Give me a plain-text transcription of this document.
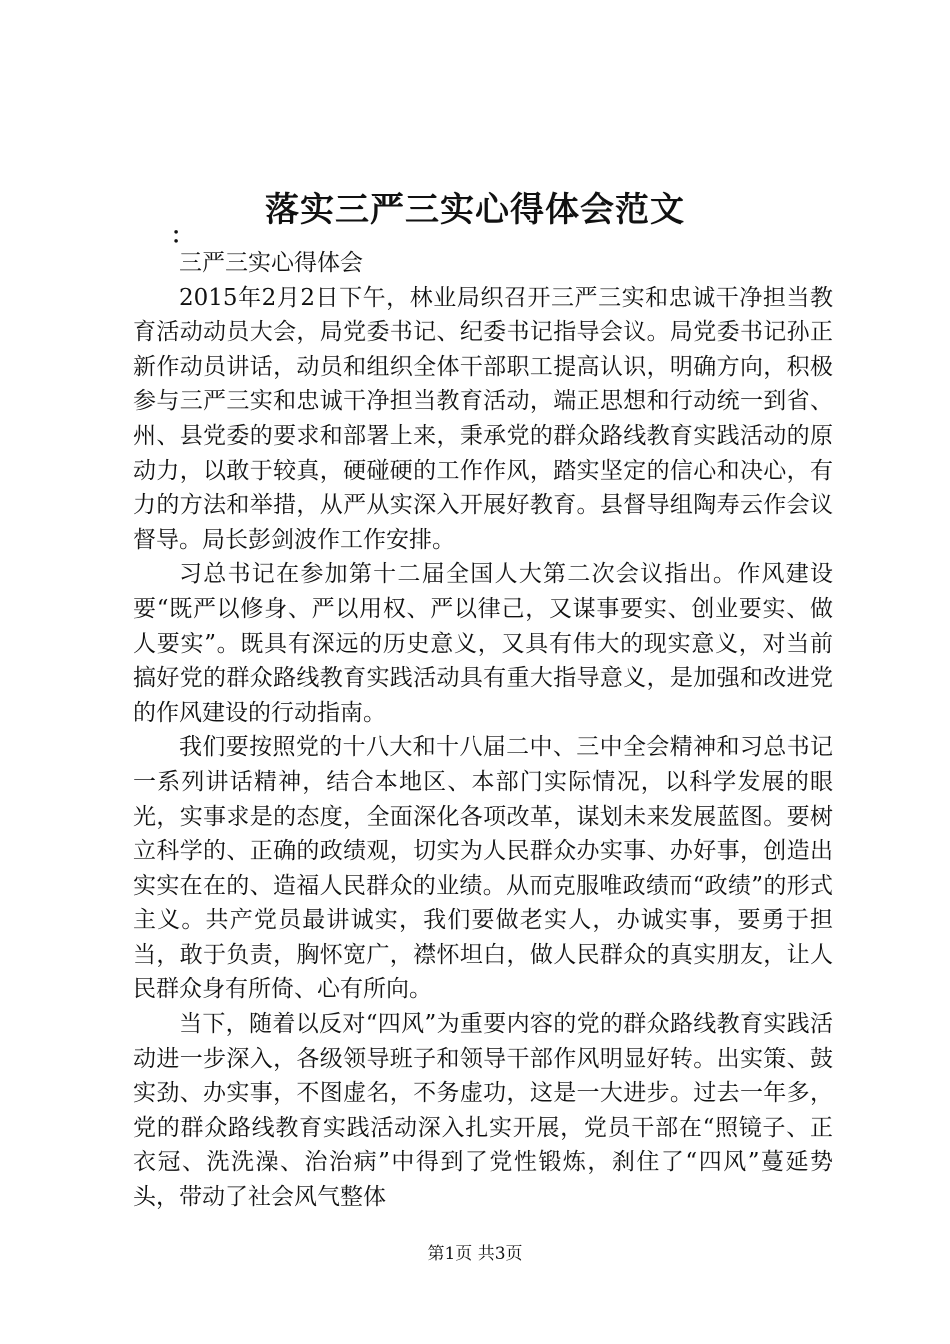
落实三严三实心得体会范文
：

三严三实心得体会

2015年2月2日下午，林业局织召开三严三实和忠诚干净担当教育活动动员大会，局党委书记、纪委书记指导会议。局党委书记孙正新作动员讲话，动员和组织全体干部职工提高认识，明确方向，积极参与三严三实和忠诚干净担当教育活动，端正思想和行动统一到省、州、县党委的要求和部署上来，秉承党的群众路线教育实践活动的原动力，以敢于较真，硬碰硬的工作作风，踏实坚定的信心和决心，有力的方法和举措，从严从实深入开展好教育。县督导组陶寿云作会议督导。局长彭剑波作工作安排。

习总书记在参加第十二届全国人大第二次会议指出。作风建设要“既严以修身、严以用权、严以律己，又谋事要实、创业要实、做人要实”。既具有深远的历史意义，又具有伟大的现实意义，对当前搞好党的群众路线教育实践活动具有重大指导意义，是加强和改进党的作风建设的行动指南。

我们要按照党的十八大和十八届二中、三中全会精神和习总书记一系列讲话精神，结合本地区、本部门实际情况，以科学发展的眼光，实事求是的态度，全面深化各项改革，谋划未来发展蓝图。要树立科学的、正确的政绩观，切实为人民群众办实事、办好事，创造出实实在在的、造福人民群众的业绩。从而克服唯政绩而“政绩”的形式主义。共产党员最讲诚实，我们要做老实人，办诚实事，要勇于担当，敢于负责，胸怀宽广，襟怀坦白，做人民群众的真实朋友，让人民群众身有所倚、心有所向。

当下，随着以反对“四风”为重要内容的党的群众路线教育实践活动进一步深入，各级领导班子和领导干部作风明显好转。出实策、鼓实劲、办实事，不图虚名，不务虚功，这是一大进步。过去一年多，党的群众路线教育实践活动深入扎实开展，党员干部在“照镜子、正衣冠、洗洗澡、治治病”中得到了党性锻炼，刹住了“四风”蔓延势头，带动了社会风气整体

第1页 共3页
